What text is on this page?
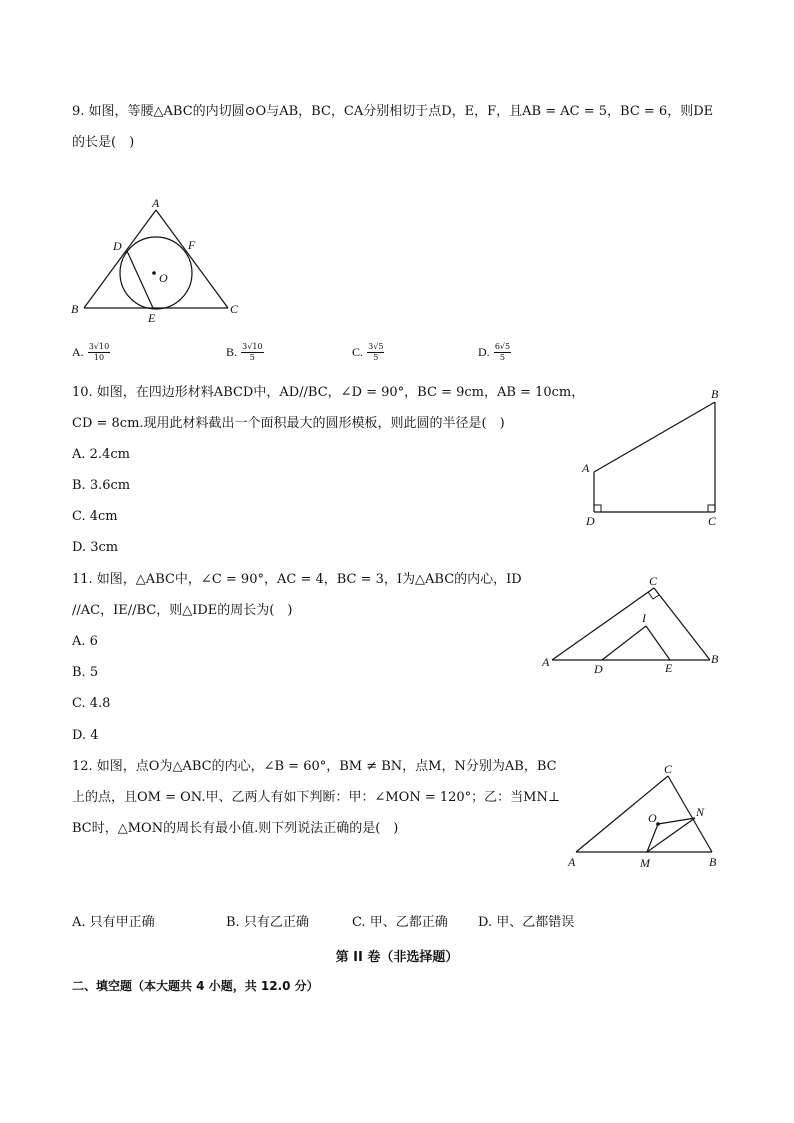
9. 如图，等腰△ABC的内切圆⊙O与AB，BC，CA分别相切于点D，E，F，且AB = AC = 5，BC = 6，则DE
的长是(　)
A
B	C
D
E
F
O
A. $\frac{3√10}{10}$	B. $\frac{3√10}{5}$	C. $\frac{3√5}{5}$	D. $\frac{6√5}{5}$
10. 如图，在四边形材料ABCD中，AD//BC，∠D = 90°，BC = 9cm，AB = 10cm，
CD = 8cm.现用此材料截出一个面积最大的圆形模板，则此圆的半径是(　)
A. 2.4cm
B. 3.6cm
C. 4cm
D. 3cm
A
B
D	C
11. 如图，△ABC中，∠C = 90°，AC = 4，BC = 3，I为△ABC的内心，ID
//AC，IE//BC，则△IDE的周长为(　)
A. 6
B. 5
C. 4.8
D. 4
A
C
B
I
D	E
12. 如图，点O为△ABC的内心，∠B = 60°，BM ≠ BN，点M，N分别为AB，BC
上的点，且OM = ON.甲、乙两人有如下判断：甲：∠MON = 120°；乙：当MN⊥
BC时，△MON的周长有最小值.则下列说法正确的是(　)
A
C
B
M
N
O
A. 只有甲正确	B. 只有乙正确	C. 甲、乙都正确 D. 甲、乙都错误
第 II 卷（非选择题）
二、填空题（本大题共 4 小题，共 12.0 分）
